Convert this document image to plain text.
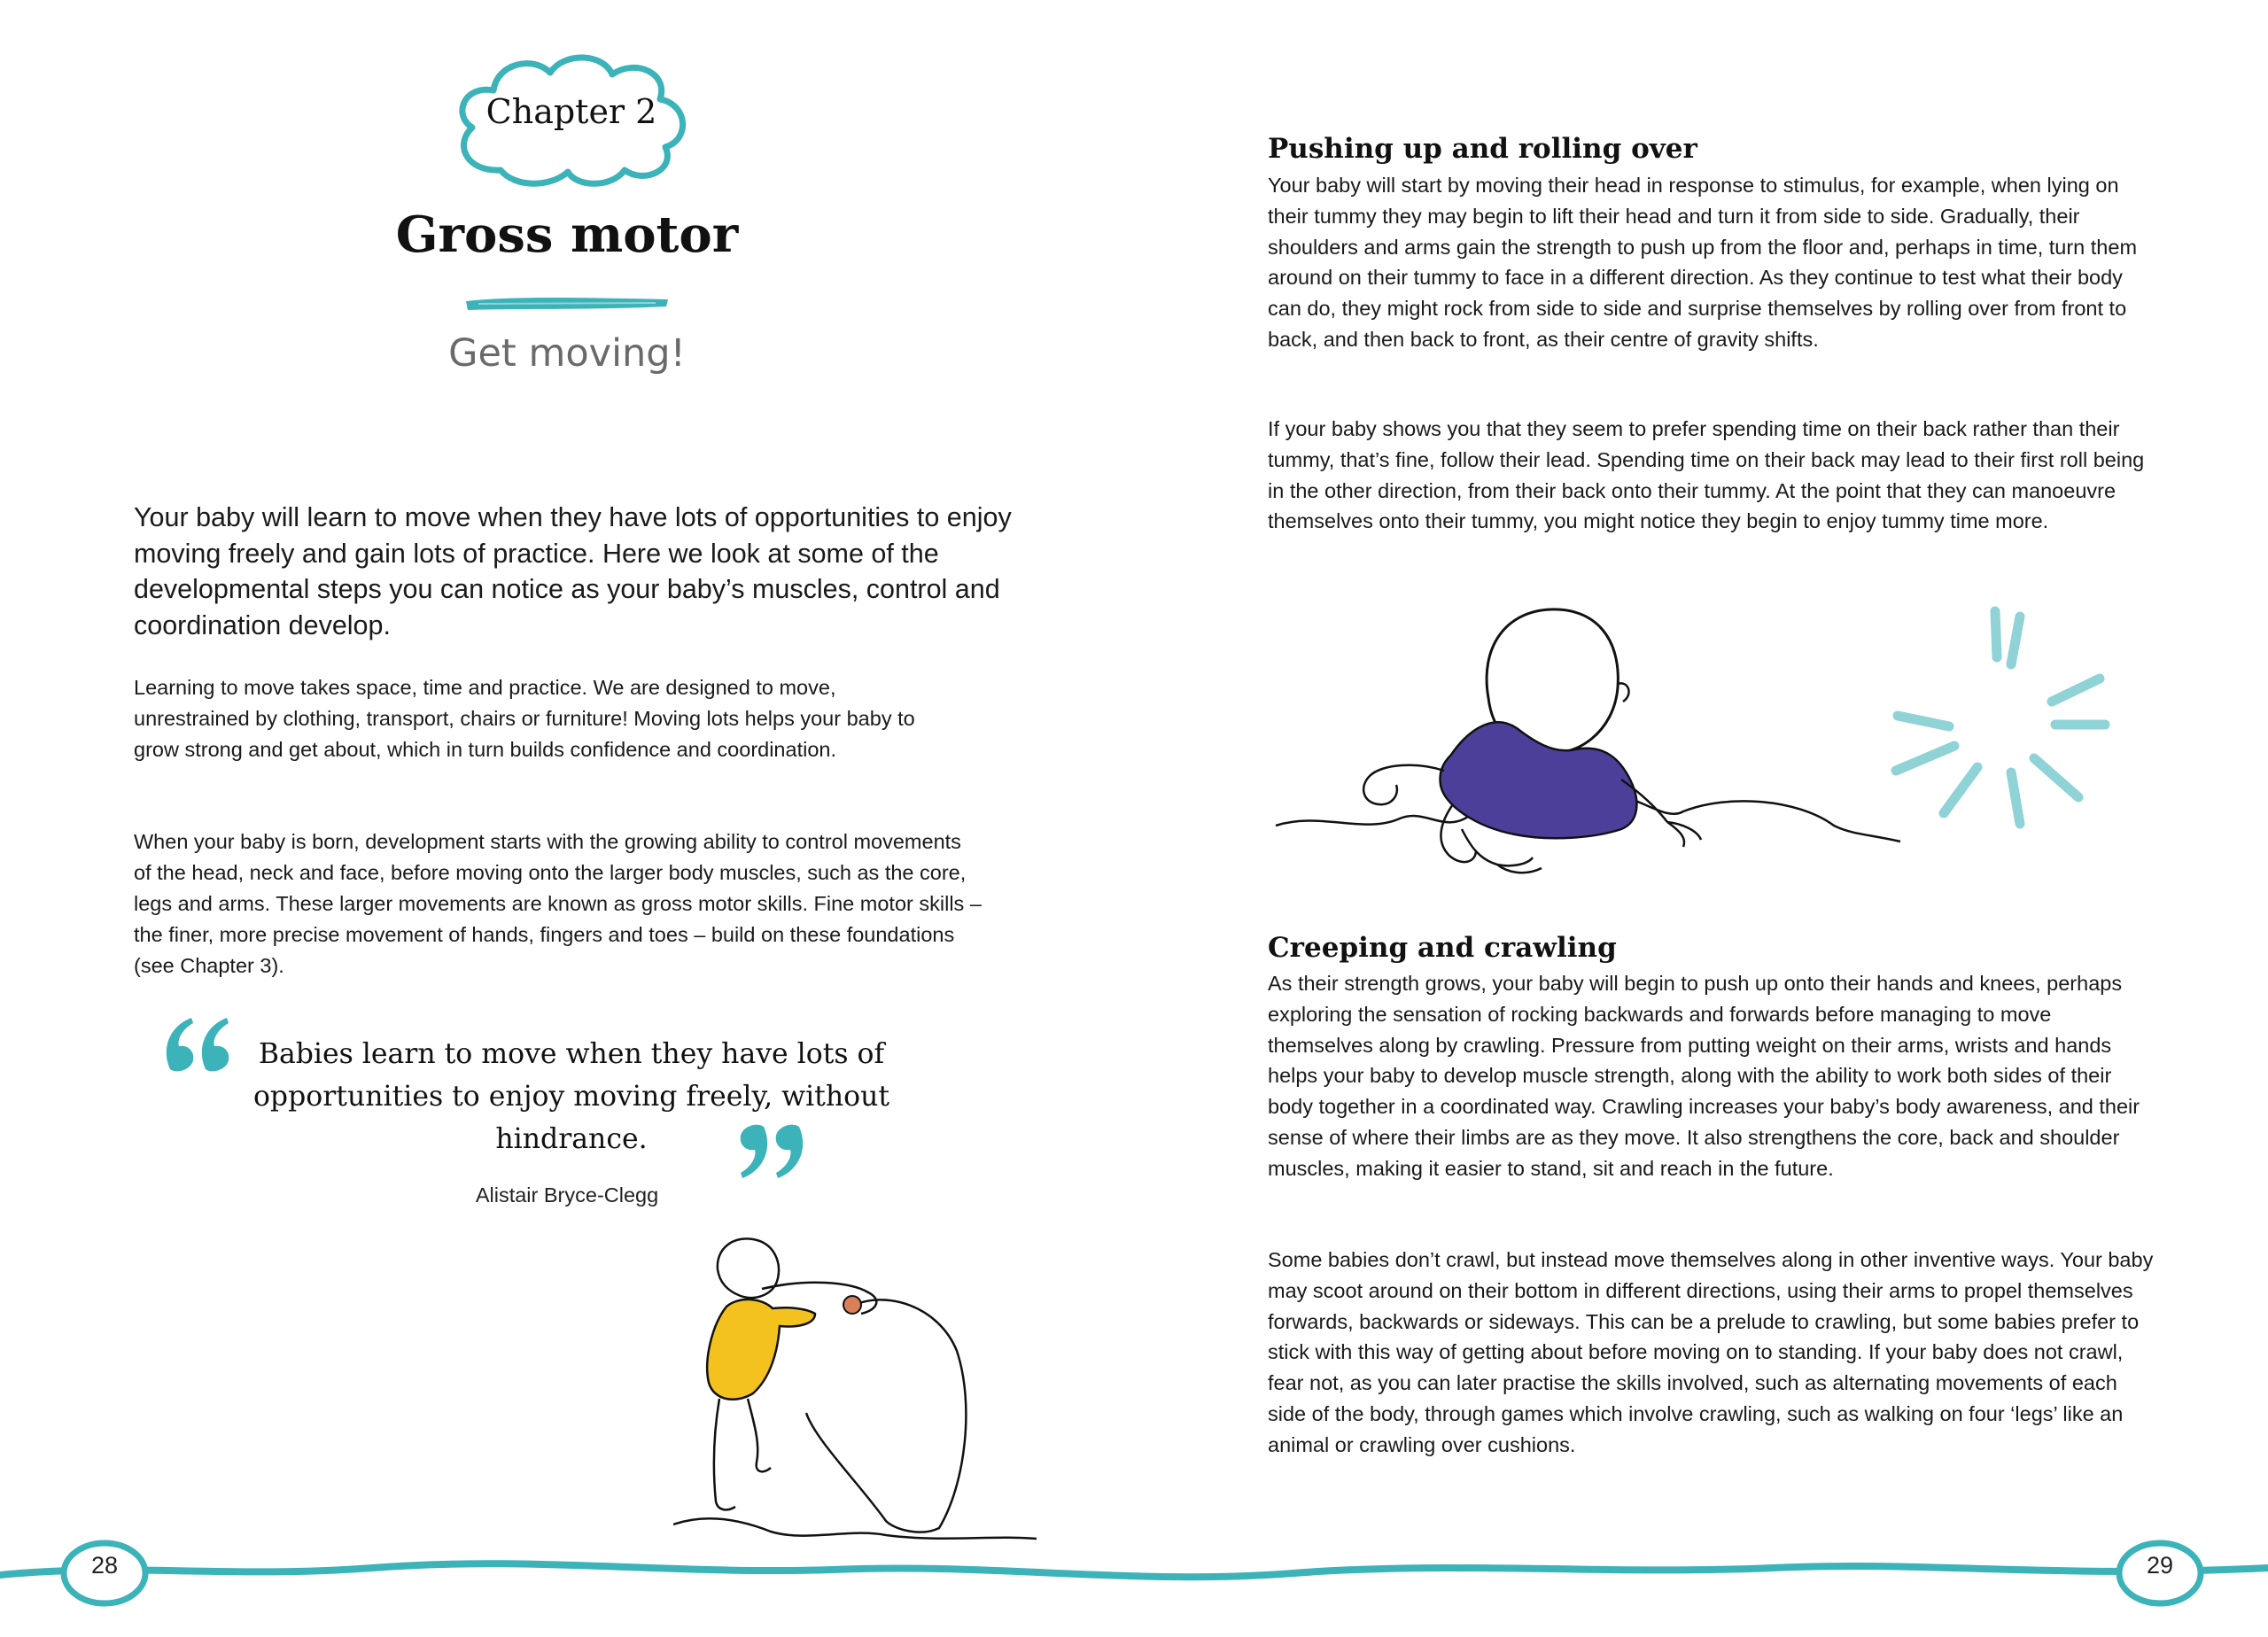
Chapter 2
Gross motor
Get moving!
Your baby will learn to move when they have lots of opportunities to enjoy moving freely and gain lots of practice. Here we look at some of the developmental steps you can notice as your baby’s muscles, control and coordination develop.
Learning to move takes space, time and practice. We are designed to move, unrestrained by clothing, transport, chairs or furniture! Moving lots helps your baby to grow strong and get about, which in turn builds confidence and coordination.
When your baby is born, development starts with the growing ability to control movements of the head, neck and face, before moving onto the larger body muscles, such as the core, legs and arms. These larger movements are known as gross motor skills. Fine motor skills – the finer, more precise movement of hands, fingers and toes – build on these foundations (see Chapter 3).
Babies learn to move when they have lots of opportunities to enjoy moving freely, without hindrance.
Alistair Bryce-Clegg
Pushing up and rolling over
Your baby will start by moving their head in response to stimulus, for example, when lying on their tummy they may begin to lift their head and turn it from side to side. Gradually, their shoulders and arms gain the strength to push up from the floor and, perhaps in time, turn them around on their tummy to face in a different direction. As they continue to test what their body can do, they might rock from side to side and surprise themselves by rolling over from front to back, and then back to front, as their centre of gravity shifts.
If your baby shows you that they seem to prefer spending time on their back rather than their tummy, that’s fine, follow their lead. Spending time on their back may lead to their first roll being in the other direction, from their back onto their tummy. At the point that they can manoeuvre themselves onto their tummy, you might notice they begin to enjoy tummy time more.
Creeping and crawling
As their strength grows, your baby will begin to push up onto their hands and knees, perhaps exploring the sensation of rocking backwards and forwards before managing to move themselves along by crawling. Pressure from putting weight on their arms, wrists and hands helps your baby to develop muscle strength, along with the ability to work both sides of their body together in a coordinated way. Crawling increases your baby’s body awareness, and their sense of where their limbs are as they move. It also strengthens the core, back and shoulder muscles, making it easier to stand, sit and reach in the future.
Some babies don’t crawl, but instead move themselves along in other inventive ways. Your baby may scoot around on their bottom in different directions, using their arms to propel themselves forwards, backwards or sideways. This can be a prelude to crawling, but some babies prefer to stick with this way of getting about before moving on to standing. If your baby does not crawl, fear not, as you can later practise the skills involved, such as alternating movements of each side of the body, through games which involve crawling, such as walking on four ‘legs’ like an animal or crawling over cushions.
28	29
